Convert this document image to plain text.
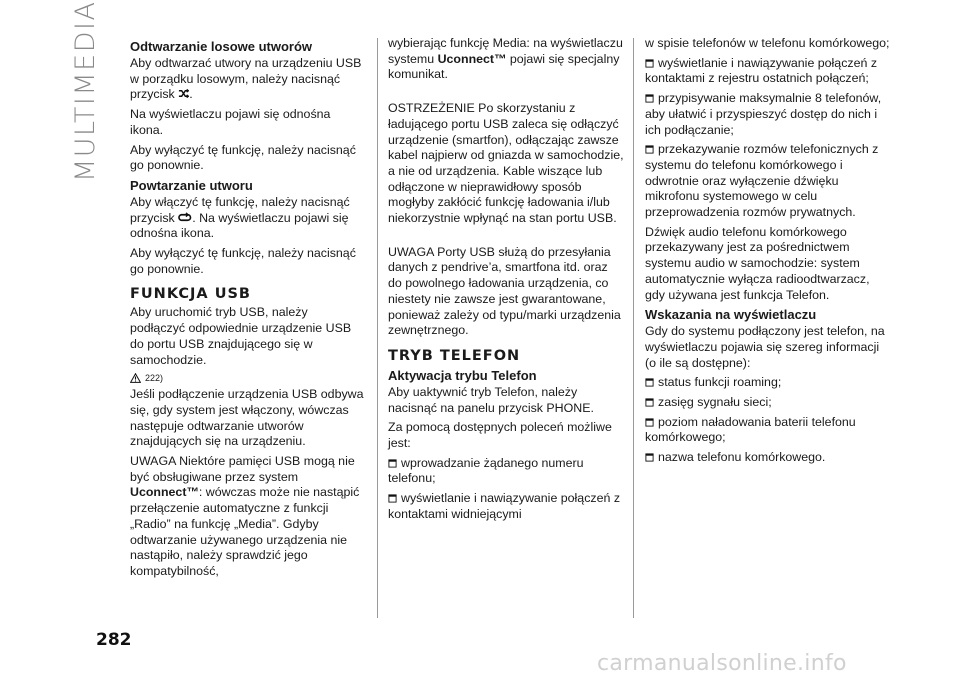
MULTIMEDIA
282
carmanualsonline.info
Odtwarzanie losowe utworów

Aby odtwarzać utwory na urządzeniu USB w porządku losowym, należy nacisnąć przycisk .

Na wyświetlaczu pojawi się odnośna ikona.

Aby wyłączyć tę funkcję, należy nacisnąć go ponownie.

Powtarzanie utworu

Aby włączyć tę funkcję, należy nacisnąć przycisk . Na wyświetlaczu pojawi się odnośna ikona.

Aby wyłączyć tę funkcję, należy nacisnąć go ponownie.

FUNKCJA USB

Aby uruchomić tryb USB, należy podłączyć odpowiednie urządzenie USB do portu USB znajdującego się w samochodzie.

222)

Jeśli podłączenie urządzenia USB odbywa się, gdy system jest włączony, wówczas następuje odtwarzanie utworów znajdujących się na urządzeniu.

UWAGA Niektóre pamięci USB mogą nie być obsługiwane przez system Uconnect™: wówczas może nie nastąpić przełączenie automatyczne z funkcji „Radio” na funkcję „Media”. Gdyby odtwarzanie używanego urządzenia nie nastąpiło, należy sprawdzić jego kompatybilność,

wybierając funkcję Media: na wyświetlaczu systemu Uconnect™ pojawi się specjalny komunikat.

OSTRZEŻENIE Po skorzystaniu z ładującego portu USB zaleca się odłączyć urządzenie (smartfon), odłączając zawsze kabel najpierw od gniazda w samochodzie, a nie od urządzenia. Kable wiszące lub odłączone w nieprawidłowy sposób mogłyby zakłócić funkcję ładowania i/lub niekorzystnie wpłynąć na stan portu USB.

UWAGA Porty USB służą do przesyłania danych z pendrive’a, smartfona itd. oraz do powolnego ładowania urządzenia, co niestety nie zawsze jest gwarantowane, ponieważ zależy od typu/marki urządzenia zewnętrznego.

TRYB TELEFON
Aktywacja trybu Telefon

Aby uaktywnić tryb Telefon, należy nacisnąć na panelu przycisk PHONE.

Za pomocą dostępnych poleceń możliwe jest:

wprowadzanie żądanego numeru telefonu;

wyświetlanie i nawiązywanie połączeń z kontaktami widniejącymi

w spisie telefonów w telefonu komórkowego;

wyświetlanie i nawiązywanie połączeń z kontaktami z rejestru ostatnich połączeń;

przypisywanie maksymalnie 8 telefonów, aby ułatwić i przyspieszyć dostęp do nich i ich podłączanie;

przekazywanie rozmów telefonicznych z systemu do telefonu komórkowego i odwrotnie oraz wyłączenie dźwięku mikrofonu systemowego w celu przeprowadzenia rozmów prywatnych.

Dźwięk audio telefonu komórkowego przekazywany jest za pośrednictwem systemu audio w samochodzie: system automatycznie wyłącza radioodtwarzacz, gdy używana jest funkcja Telefon.

Wskazania na wyświetlaczu

Gdy do systemu podłączony jest telefon, na wyświetlaczu pojawia się szereg informacji (o ile są dostępne):

status funkcji roaming;

zasięg sygnału sieci;

poziom naładowania baterii telefonu komórkowego;

nazwa telefonu komórkowego.
